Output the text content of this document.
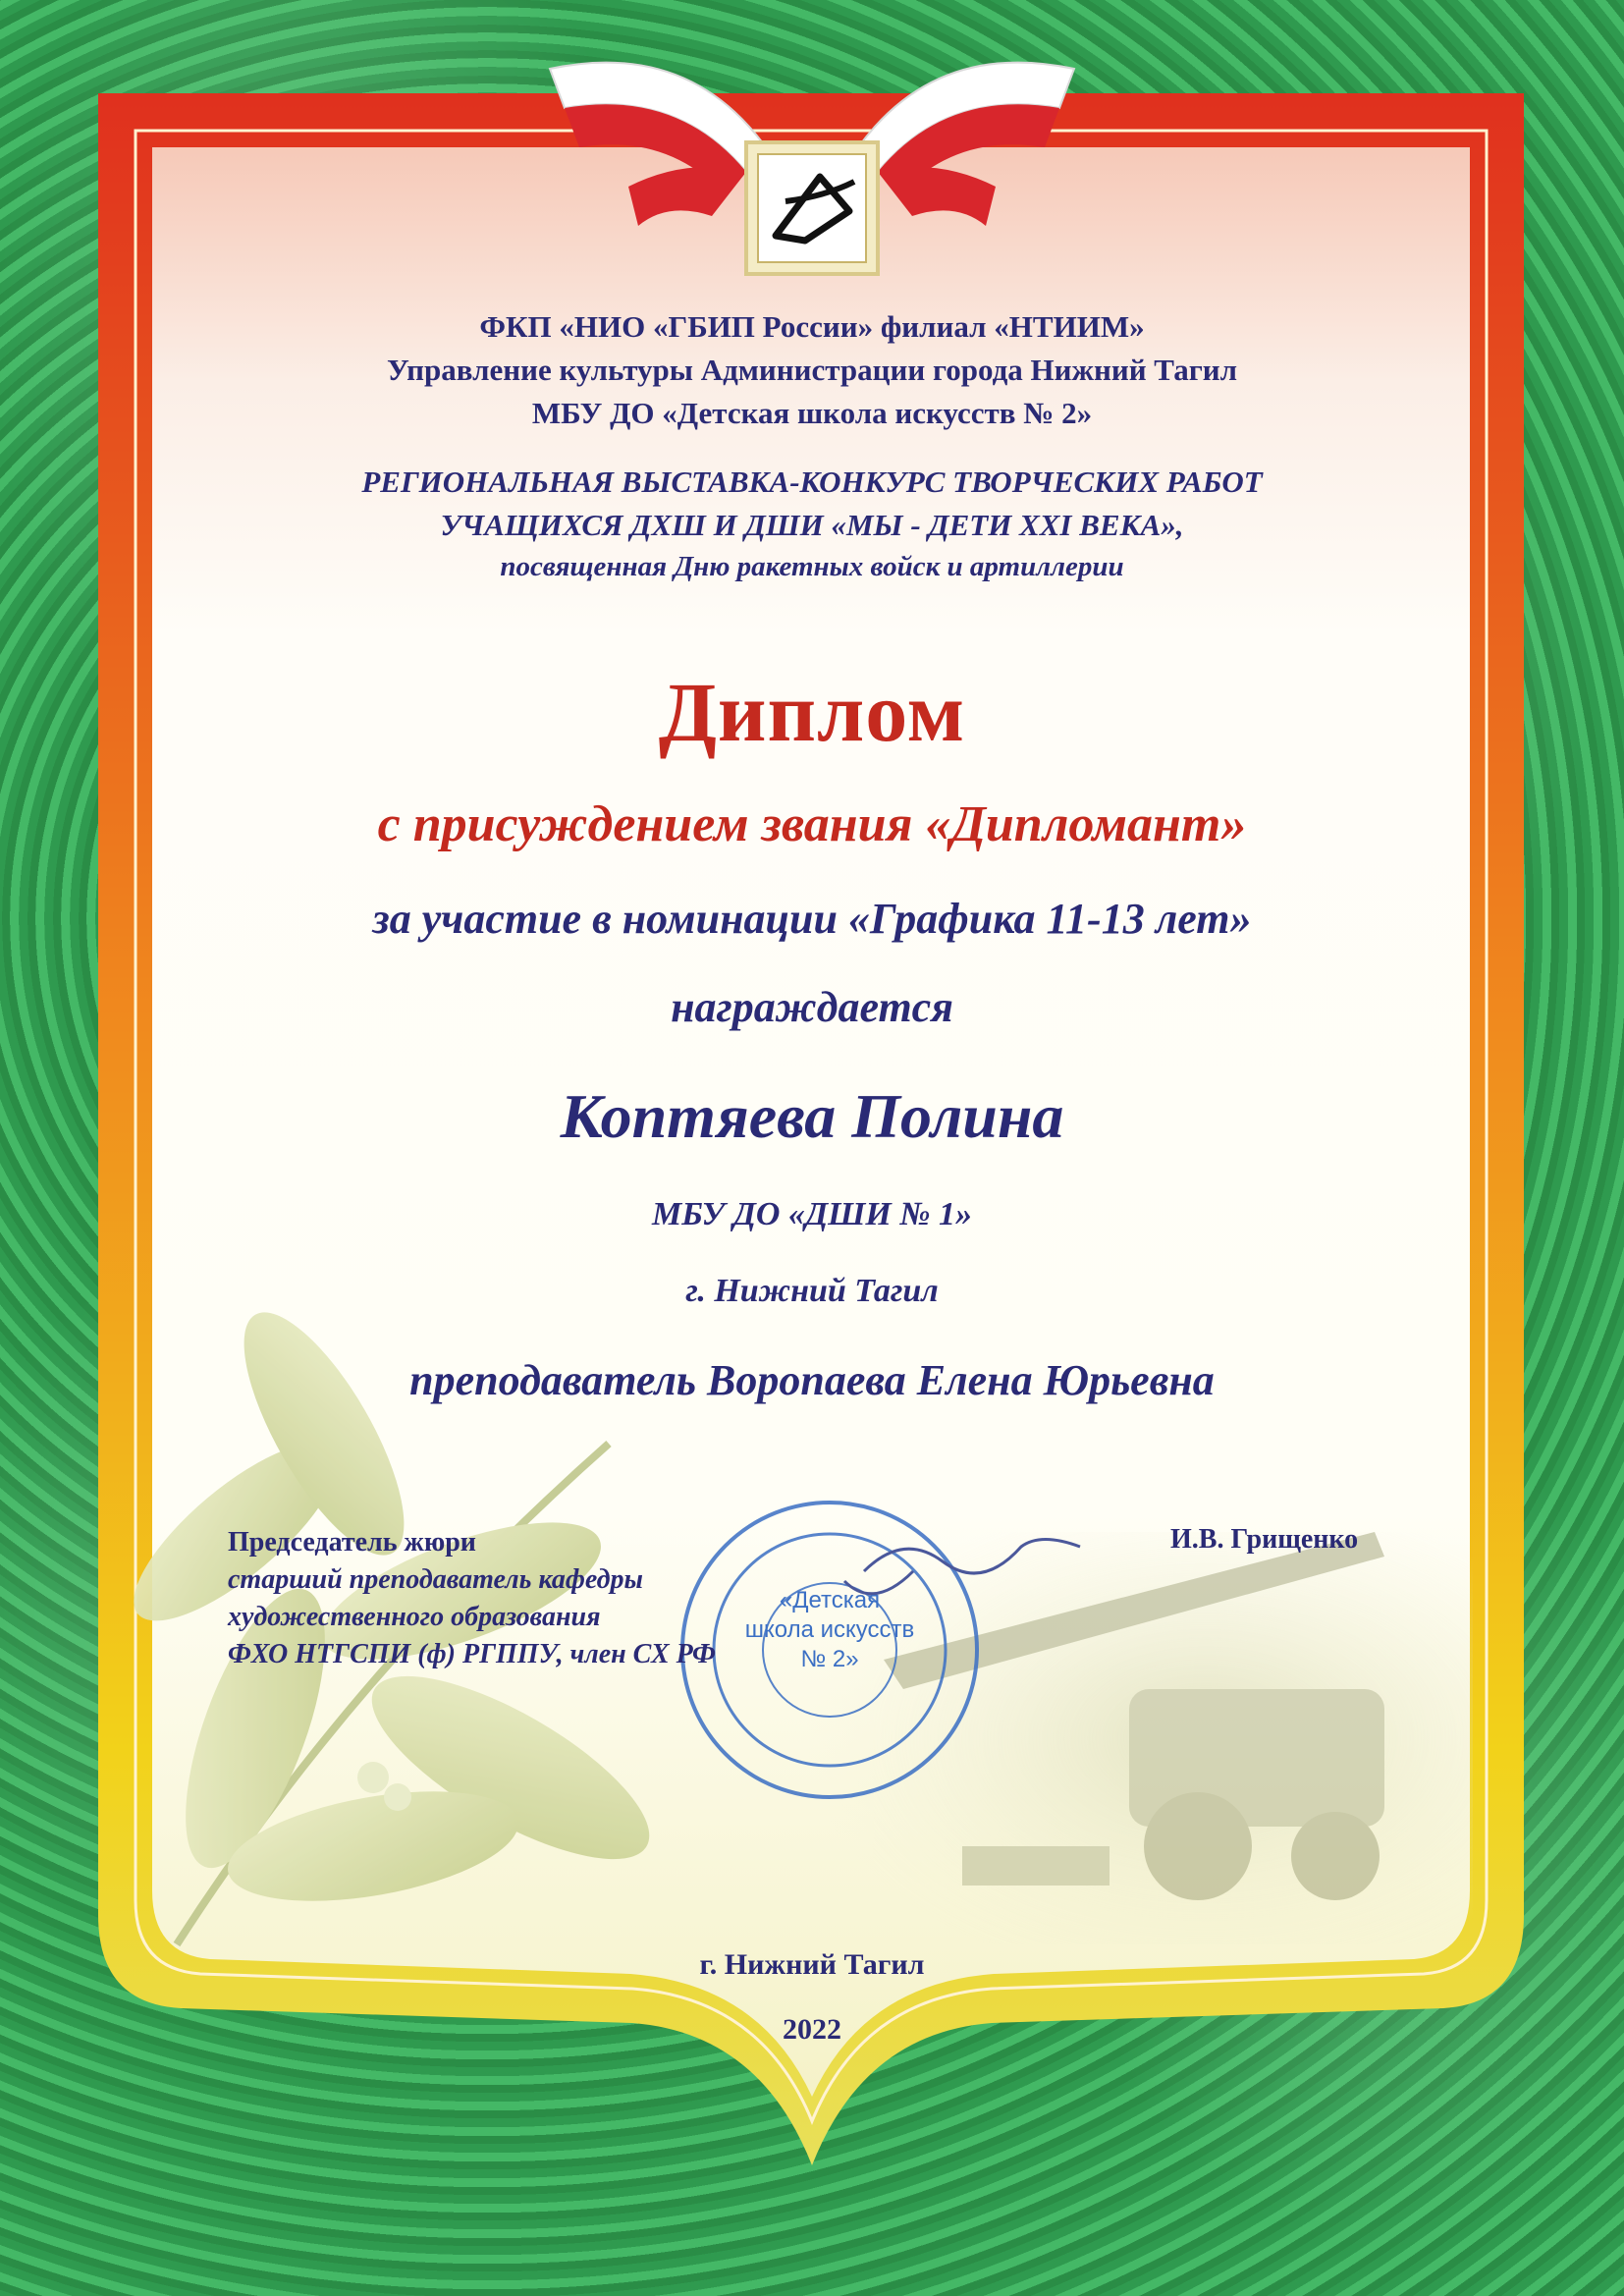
ФКП «НИО «ГБИП России» филиал «НТИИМ»
Управление культуры Администрации города Нижний Тагил
МБУ ДО «Детская школа искусств № 2»
РЕГИОНАЛЬНАЯ ВЫСТАВКА-КОНКУРС ТВОРЧЕСКИХ РАБОТ
УЧАЩИХСЯ ДХШ И ДШИ «МЫ - ДЕТИ XXI ВЕКА»,
посвященная Дню ракетных войск и артиллерии
Диплом
с присуждением звания «Дипломант»
за участие в номинации «Графика 11-13 лет»
награждается
Коптяева Полина
МБУ ДО «ДШИ № 1»
г. Нижний Тагил
преподаватель Воропаева Елена Юрьевна
Председатель жюри
старший преподаватель кафедры
художественного образования
ФХО НТГСПИ (ф) РГППУ, член СХ РФ
И.В. Грищенко
«Детская
школа искусств
№ 2»
г. Нижний Тагил
2022
